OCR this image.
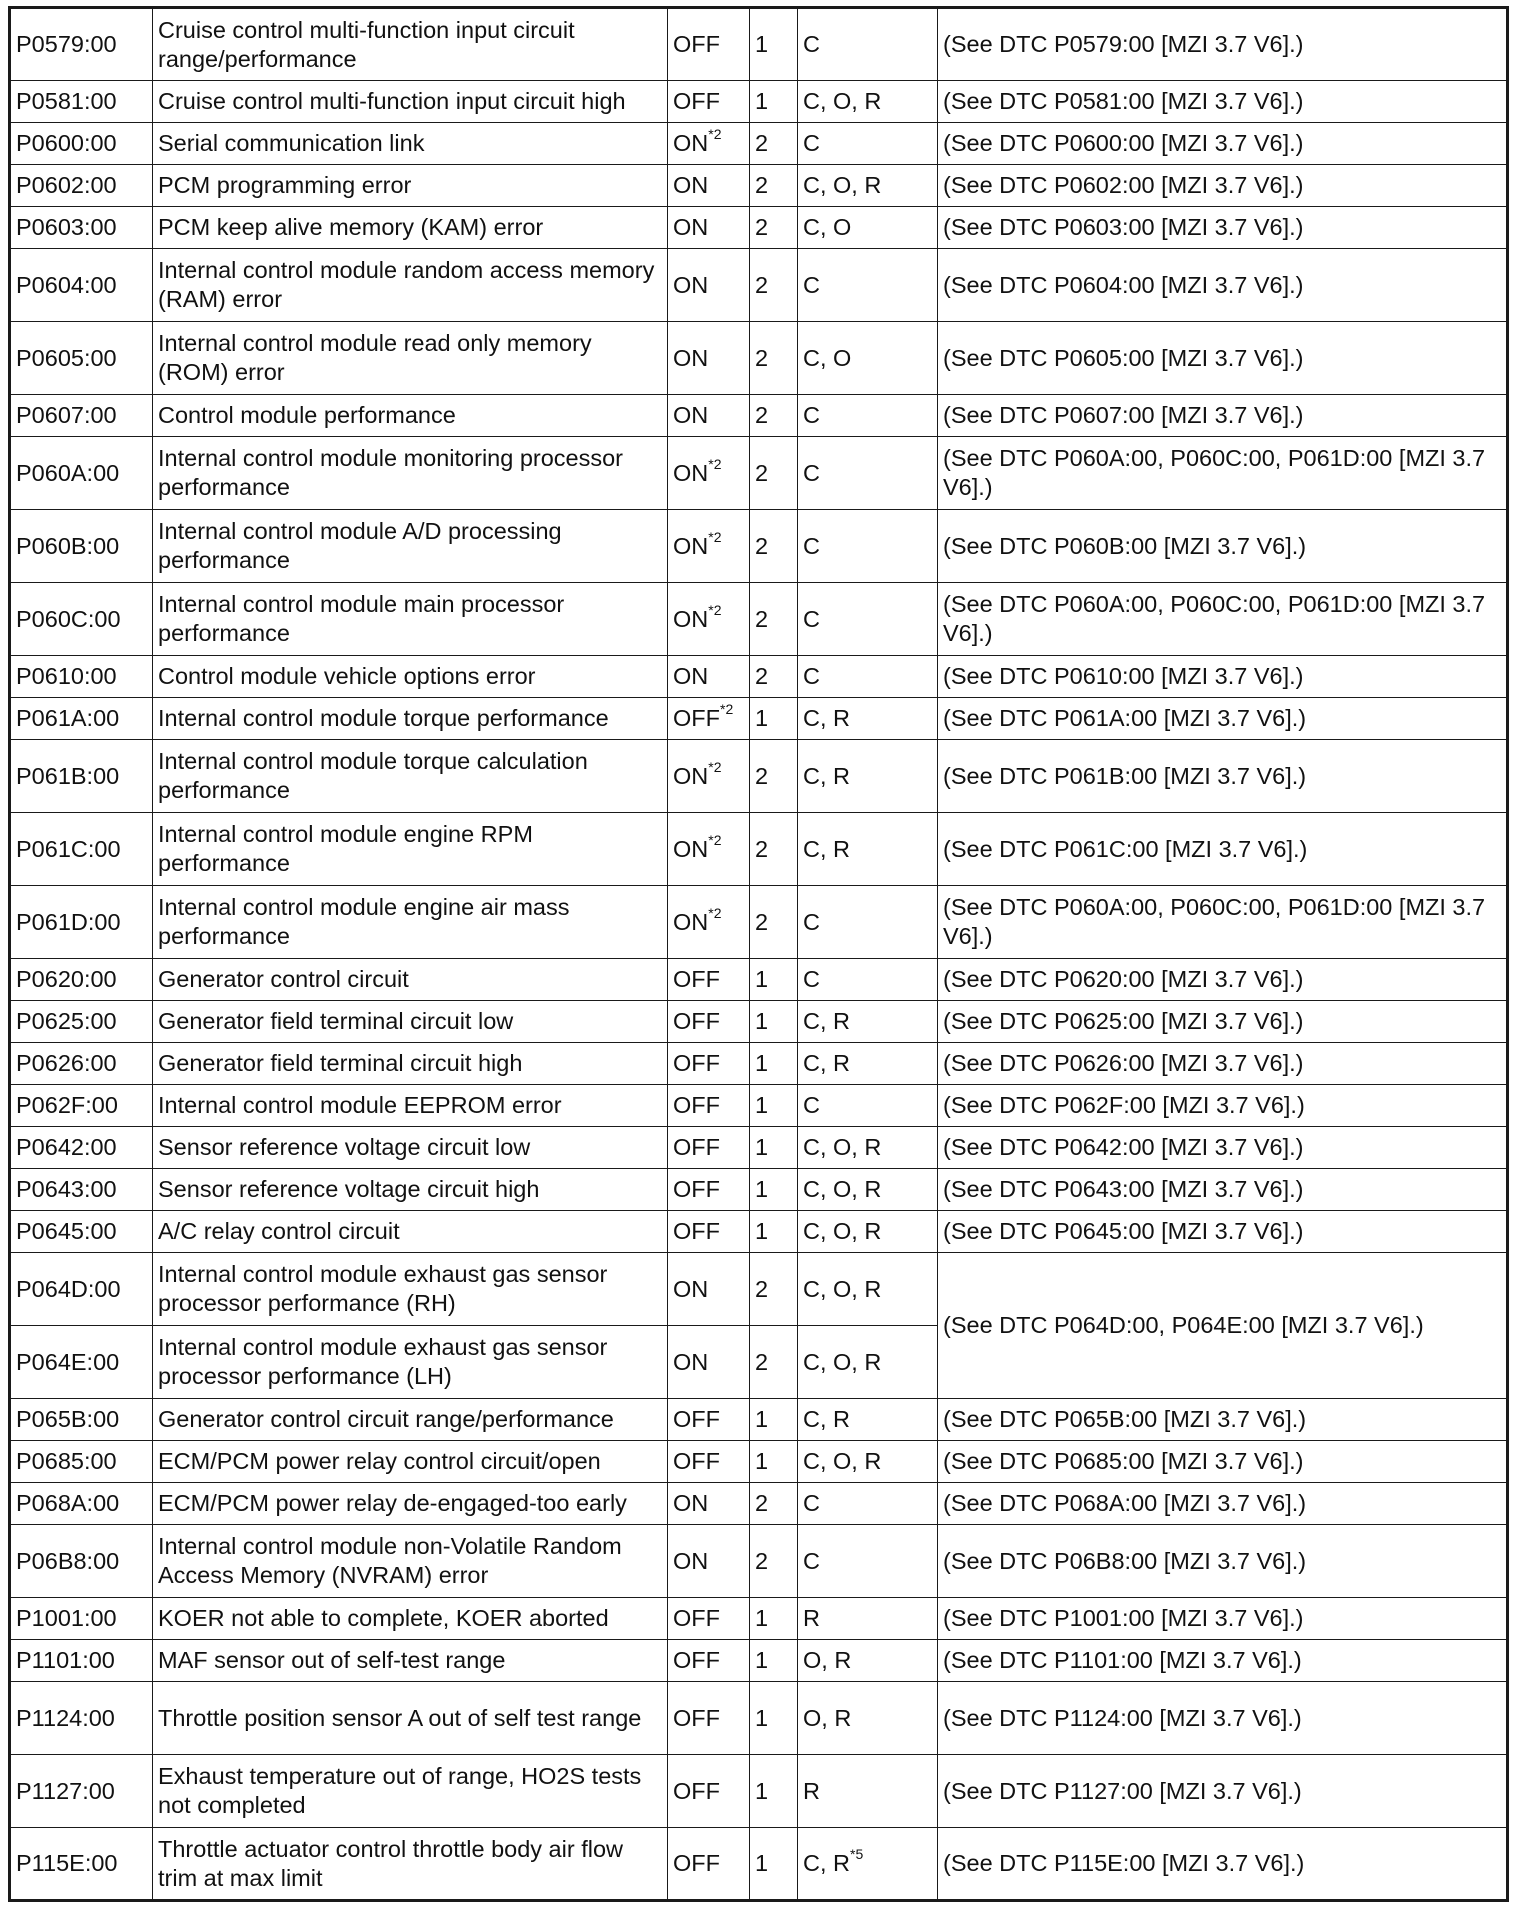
P0579:00	Cruise control multi-function input circuit range/performance	OFF	1	C	(See DTC P0579:00 [MZI 3.7 V6].)
P0581:00	Cruise control multi-function input circuit high	OFF	1	C, O, R	(See DTC P0581:00 [MZI 3.7 V6].)
P0600:00	Serial communication link	ON$^{*2}$	2	C	(See DTC P0600:00 [MZI 3.7 V6].)
P0602:00	PCM programming error	ON	2	C, O, R	(See DTC P0602:00 [MZI 3.7 V6].)
P0603:00	PCM keep alive memory (KAM) error	ON	2	C, O	(See DTC P0603:00 [MZI 3.7 V6].)
P0604:00	Internal control module random access memory (RAM) error	ON	2	C	(See DTC P0604:00 [MZI 3.7 V6].)
P0605:00	Internal control module read only memory (ROM) error	ON	2	C, O	(See DTC P0605:00 [MZI 3.7 V6].)
P0607:00	Control module performance	ON	2	C	(See DTC P0607:00 [MZI 3.7 V6].)
P060A:00	Internal control module monitoring processor performance	ON$^{*2}$	2	C	(See DTC P060A:00, P060C:00, P061D:00 [MZI 3.7 V6].)
P060B:00	Internal control module A/D processing performance	ON$^{*2}$	2	C	(See DTC P060B:00 [MZI 3.7 V6].)
P060C:00	Internal control module main processor performance	ON$^{*2}$	2	C	(See DTC P060A:00, P060C:00, P061D:00 [MZI 3.7 V6].)
P0610:00	Control module vehicle options error	ON	2	C	(See DTC P0610:00 [MZI 3.7 V6].)
P061A:00	Internal control module torque performance	OFF$^{*2}$	1	C, R	(See DTC P061A:00 [MZI 3.7 V6].)
P061B:00	Internal control module torque calculation performance	ON$^{*2}$	2	C, R	(See DTC P061B:00 [MZI 3.7 V6].)
P061C:00	Internal control module engine RPM performance	ON$^{*2}$	2	C, R	(See DTC P061C:00 [MZI 3.7 V6].)
P061D:00	Internal control module engine air mass performance	ON$^{*2}$	2	C	(See DTC P060A:00, P060C:00, P061D:00 [MZI 3.7 V6].)
P0620:00	Generator control circuit	OFF	1	C	(See DTC P0620:00 [MZI 3.7 V6].)
P0625:00	Generator field terminal circuit low	OFF	1	C, R	(See DTC P0625:00 [MZI 3.7 V6].)
P0626:00	Generator field terminal circuit high	OFF	1	C, R	(See DTC P0626:00 [MZI 3.7 V6].)
P062F:00	Internal control module EEPROM error	OFF	1	C	(See DTC P062F:00 [MZI 3.7 V6].)
P0642:00	Sensor reference voltage circuit low	OFF	1	C, O, R	(See DTC P0642:00 [MZI 3.7 V6].)
P0643:00	Sensor reference voltage circuit high	OFF	1	C, O, R	(See DTC P0643:00 [MZI 3.7 V6].)
P0645:00	A/C relay control circuit	OFF	1	C, O, R	(See DTC P0645:00 [MZI 3.7 V6].)
P064D:00	Internal control module exhaust gas sensor processor performance (RH)	ON	2	C, O, R	(See DTC P064D:00, P064E:00 [MZI 3.7 V6].)
P064E:00	Internal control module exhaust gas sensor processor performance (LH)	ON	2	C, O, R	
P065B:00	Generator control circuit range/performance	OFF	1	C, R	(See DTC P065B:00 [MZI 3.7 V6].)
P0685:00	ECM/PCM power relay control circuit/open	OFF	1	C, O, R	(See DTC P0685:00 [MZI 3.7 V6].)
P068A:00	ECM/PCM power relay de-engaged-too early	ON	2	C	(See DTC P068A:00 [MZI 3.7 V6].)
P06B8:00	Internal control module non-Volatile Random Access Memory (NVRAM) error	ON	2	C	(See DTC P06B8:00 [MZI 3.7 V6].)
P1001:00	KOER not able to complete, KOER aborted	OFF	1	R	(See DTC P1001:00 [MZI 3.7 V6].)
P1101:00	MAF sensor out of self-test range	OFF	1	O, R	(See DTC P1101:00 [MZI 3.7 V6].)
P1124:00	Throttle position sensor A out of self test range	OFF	1	O, R	(See DTC P1124:00 [MZI 3.7 V6].)
P1127:00	Exhaust temperature out of range, HO2S tests not completed	OFF	1	R	(See DTC P1127:00 [MZI 3.7 V6].)
P115E:00	Throttle actuator control throttle body air flow trim at max limit	OFF	1	C, $R^{*5}$	(See DTC P115E:00 [MZI 3.7 V6].)
